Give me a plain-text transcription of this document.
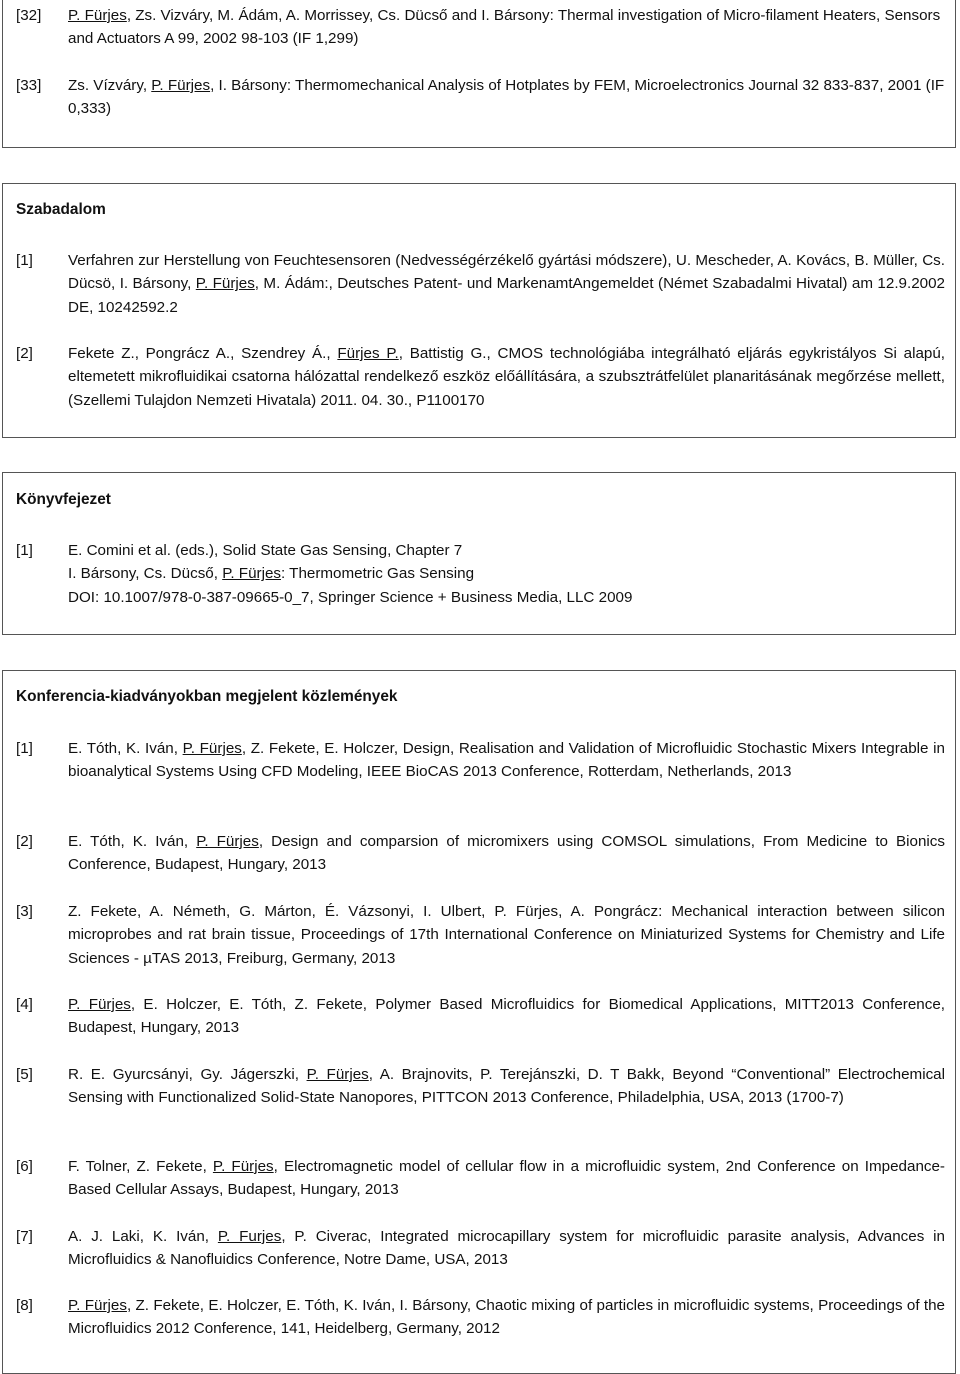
[32]	P. Fürjes, Zs. Vizváry, M. Ádám, A. Morrissey, Cs. Dücső and I. Bársony: Thermal investigation of Micro-filament Heaters, Sensors and Actuators A 99, 2002 98-103 (IF 1,299)
[33]	Zs. Vízváry, P. Fürjes, I. Bársony: Thermomechanical Analysis of Hotplates by FEM, Microelectronics Journal 32 833-837, 2001 (IF 0,333)
Szabadalom
[1]	Verfahren zur Herstellung von Feuchtesensoren (Nedvességérzékelő gyártási módszere), U. Mescheder, A. Kovács, B. Müller, Cs. Dücsö, I. Bársony, P. Fürjes, M. Ádám:, Deutsches Patent- und MarkenamtAngemeldet (Német Szabadalmi Hivatal) am 12.9.2002 DE, 10242592.2
[2]	Fekete Z., Pongrácz A., Szendrey Á., Fürjes P., Battistig G., CMOS technológiába integrálható eljárás egykristályos Si alapú, eltemetett mikrofluidikai csatorna hálózattal rendelkező eszköz előállítására, a szubsztrátfelület planaritásának megőrzése mellett, (Szellemi Tulajdon Nemzeti Hivatala) 2011. 04. 30., P1100170
Könyvfejezet
[1]	E. Comini et al. (eds.), Solid State Gas Sensing, Chapter 7
I. Bársony, Cs. Dücső, P. Fürjes: Thermometric Gas Sensing
DOI: 10.1007/978-0-387-09665-0_7, Springer Science + Business Media, LLC 2009
Konferencia-kiadványokban megjelent közlemények
[1]	E. Tóth, K. Iván, P. Fürjes, Z. Fekete, E. Holczer, Design, Realisation and Validation of Microfluidic Stochastic Mixers Integrable in bioanalytical Systems Using CFD Modeling, IEEE BioCAS 2013 Conference, Rotterdam, Netherlands, 2013
[2]	E. Tóth, K. Iván, P. Fürjes, Design and comparsion of micromixers using COMSOL simulations, From Medicine to Bionics Conference, Budapest, Hungary, 2013
[3]	Z. Fekete, A. Németh, G. Márton, É. Vázsonyi, I. Ulbert, P. Fürjes, A. Pongrácz: Mechanical interaction between silicon microprobes and rat brain tissue, Proceedings of 17th International Conference on Miniaturized Systems for Chemistry and Life Sciences - µTAS 2013, Freiburg, Germany, 2013
[4]	P. Fürjes, E. Holczer, E. Tóth, Z. Fekete, Polymer Based Microfluidics for Biomedical Applications, MITT2013 Conference, Budapest, Hungary, 2013
[5]	R. E. Gyurcsányi, Gy. Jágerszki, P. Fürjes, A. Brajnovits, P. Terejánszki, D. T Bakk, Beyond “Conventional” Electrochemical Sensing with Functionalized Solid-State Nanopores, PITTCON 2013 Conference, Philadelphia, USA, 2013 (1700-7)
[6]	F. Tolner, Z. Fekete, P. Fürjes, Electromagnetic model of cellular flow in a microfluidic system, 2nd Conference on Impedance-Based Cellular Assays, Budapest, Hungary, 2013
[7]	A. J. Laki, K. Iván, P. Furjes, P. Civerac, Integrated microcapillary system for microfluidic parasite analysis, Advances in Microfluidics & Nanofluidics Conference, Notre Dame, USA, 2013
[8]	P. Fürjes, Z. Fekete, E. Holczer, E. Tóth, K. Iván, I. Bársony, Chaotic mixing of particles in microfluidic systems, Proceedings of the Microfluidics 2012 Conference, 141, Heidelberg, Germany, 2012
